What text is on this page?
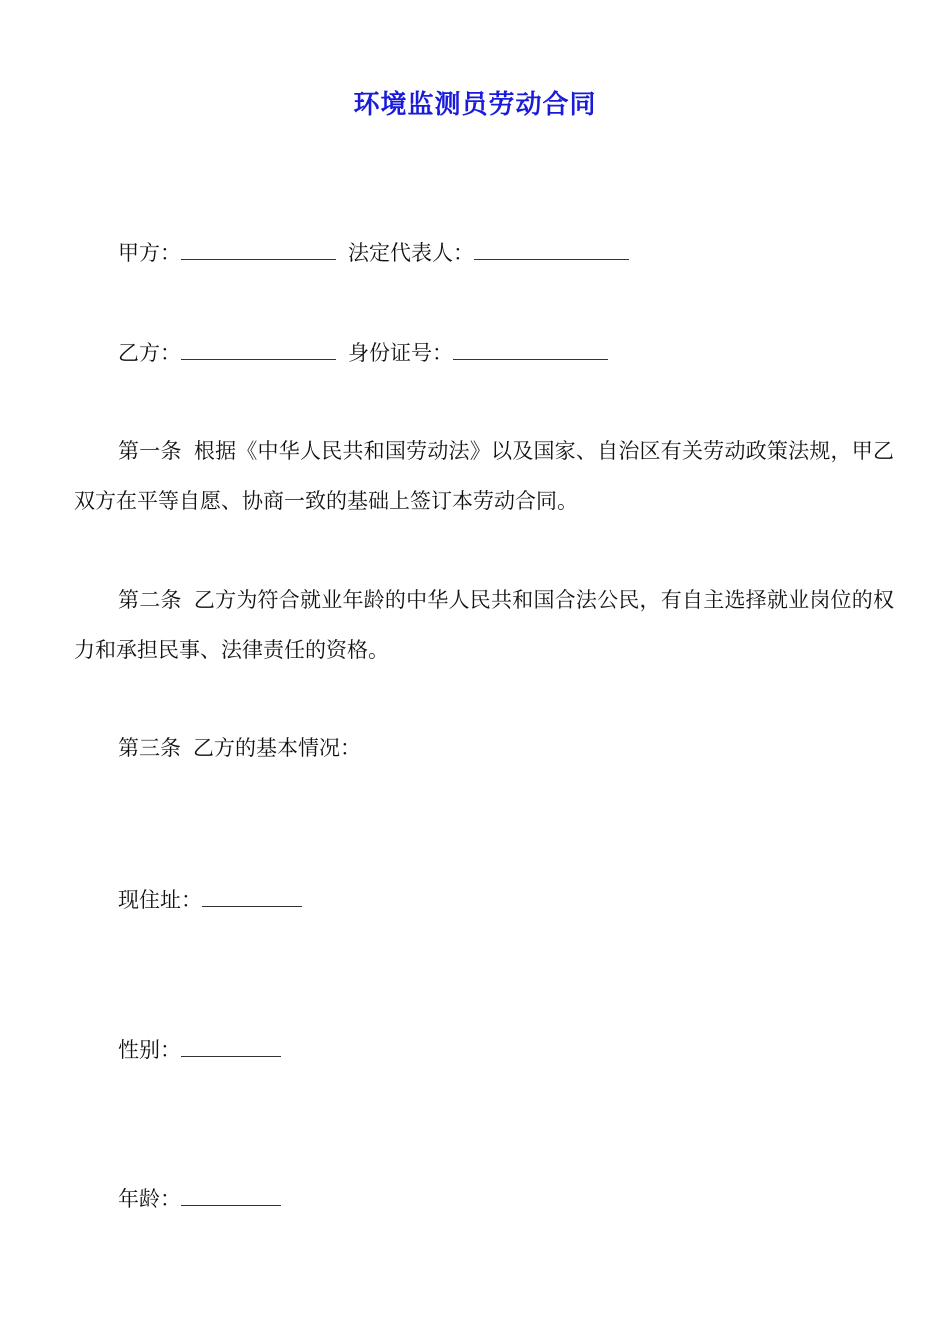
环境监测员劳动合同
甲方：	法定代表人：
乙方：	身份证号：
第一条 根据《中华人民共和国劳动法》以及国家、自治区有关劳动政策法规，甲乙双方在平等自愿、协商一致的基础上签订本劳动合同。
第二条 乙方为符合就业年龄的中华人民共和国合法公民，有自主选择就业岗位的权力和承担民事、法律责任的资格。
第三条 乙方的基本情况：
现住址：
性别：
年龄：
